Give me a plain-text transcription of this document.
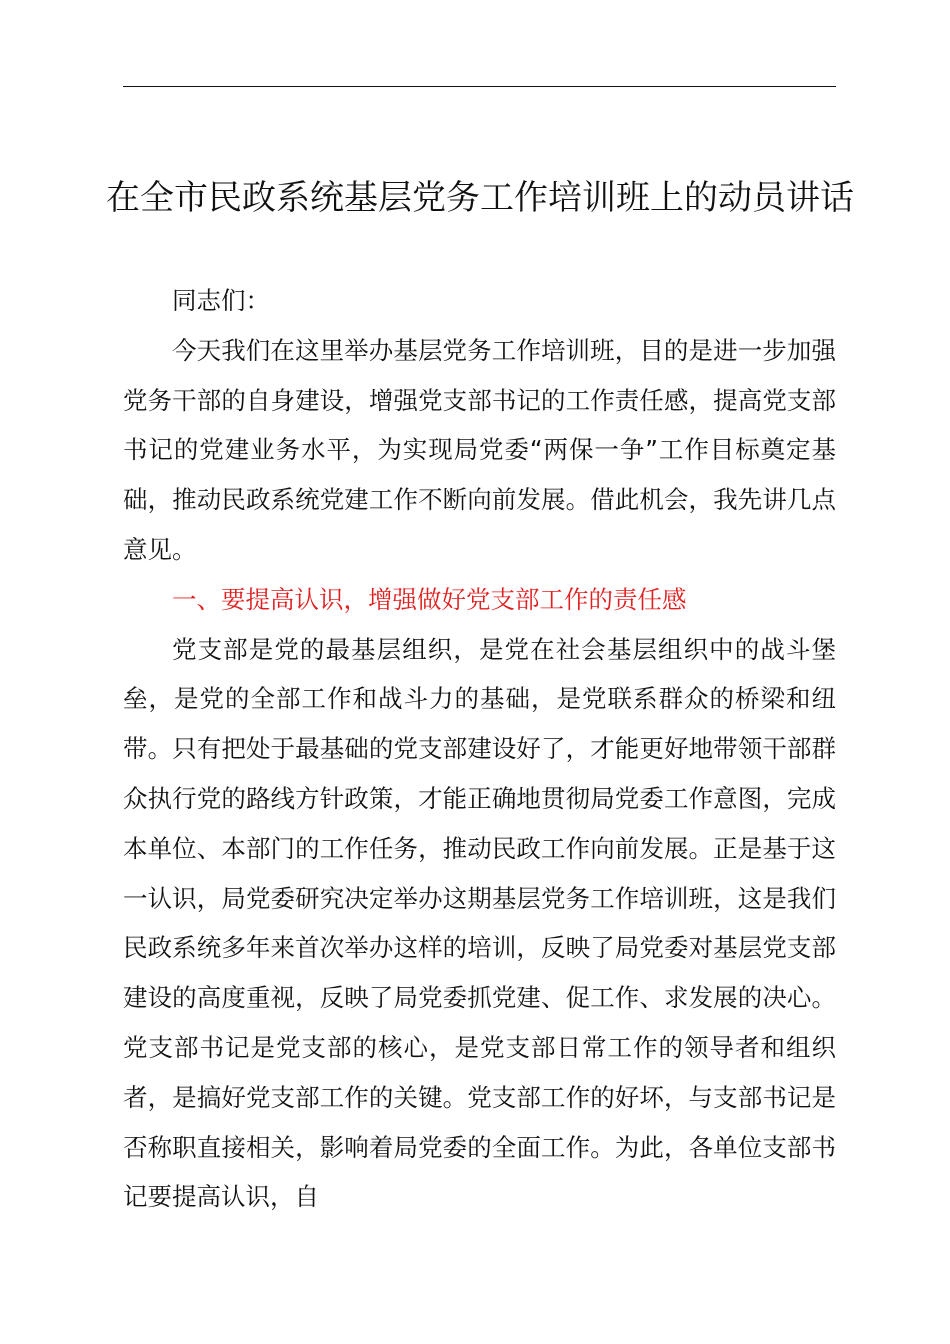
在全市民政系统基层党务工作培训班上的动员讲话

同志们：

今天我们在这里举办基层党务工作培训班，目的是进一步加强党务干部的自身建设，增强党支部书记的工作责任感，提高党支部书记的党建业务水平，为实现局党委“两保一争”工作目标奠定基础，推动民政系统党建工作不断向前发展。借此机会，我先讲几点意见。

一、要提高认识，增强做好党支部工作的责任感

党支部是党的最基层组织，是党在社会基层组织中的战斗堡垒，是党的全部工作和战斗力的基础，是党联系群众的桥梁和纽带。只有把处于最基础的党支部建设好了，才能更好地带领干部群众执行党的路线方针政策，才能正确地贯彻局党委工作意图，完成本单位、本部门的工作任务，推动民政工作向前发展。正是基于这一认识，局党委研究决定举办这期基层党务工作培训班，这是我们民政系统多年来首次举办这样的培训，反映了局党委对基层党支部建设的高度重视，反映了局党委抓党建、促工作、求发展的决心。党支部书记是党支部的核心，是党支部日常工作的领导者和组织者，是搞好党支部工作的关键。党支部工作的好坏，与支部书记是否称职直接相关，影响着局党委的全面工作。为此，各单位支部书记要提高认识，自
